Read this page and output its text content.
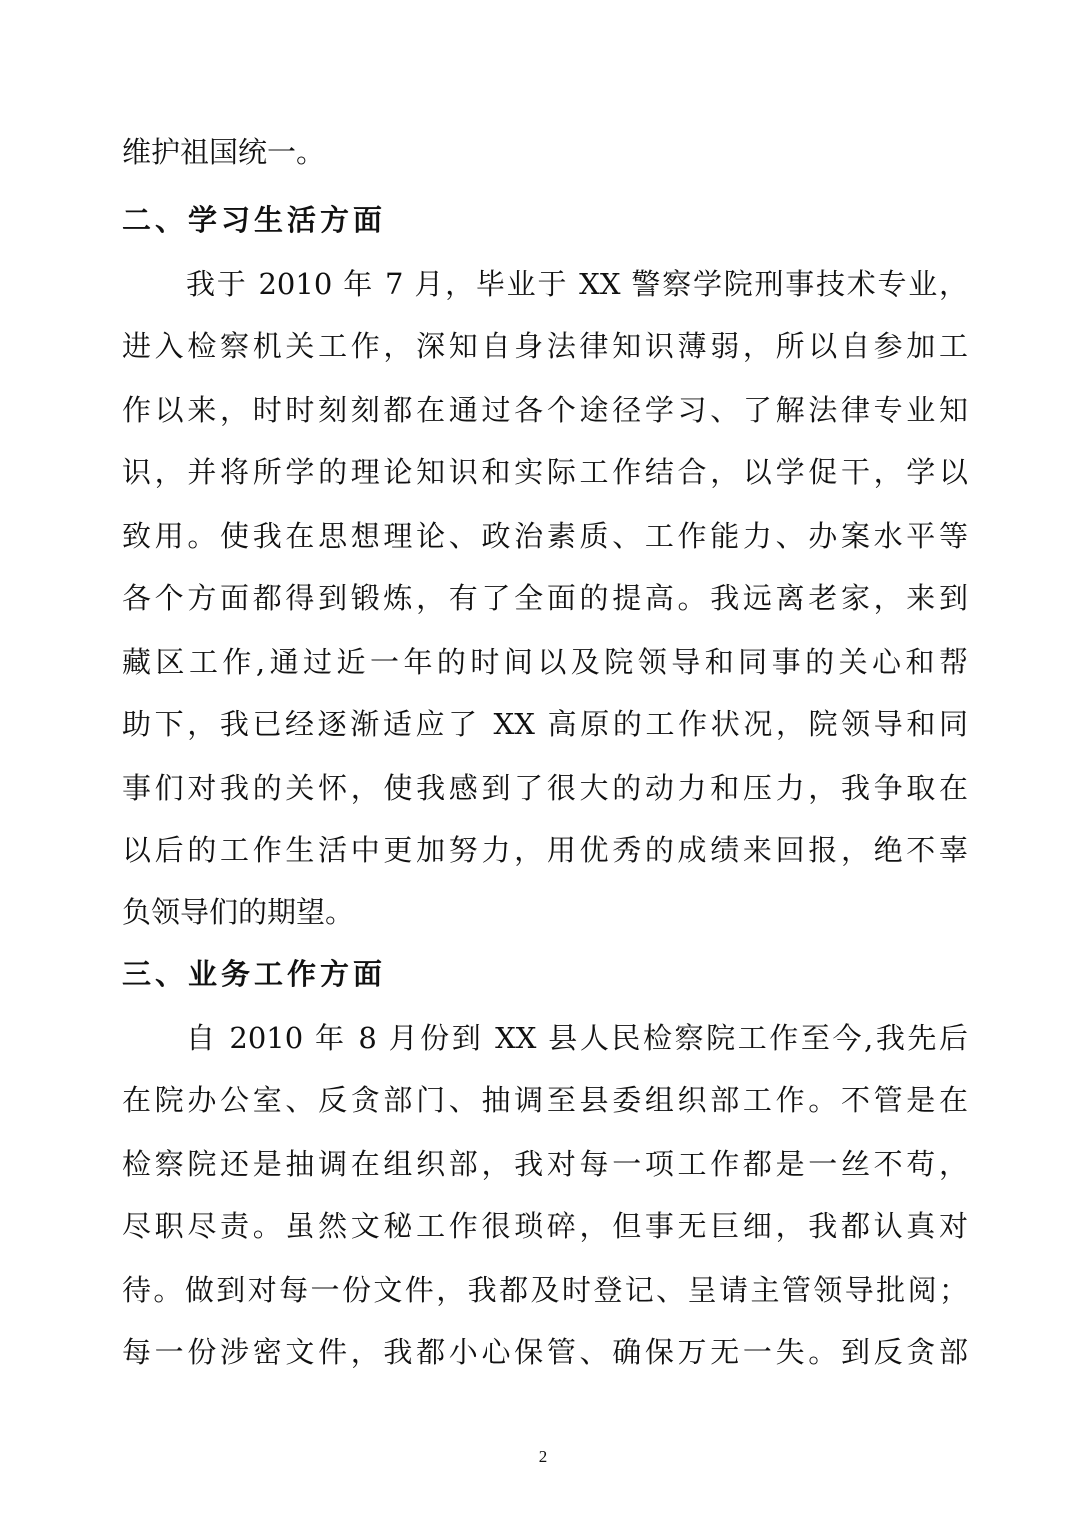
维护祖国统一。
二、学习生活方面
我于 2010 年 7 月，毕业于 XX 警察学院刑事技术专业，
进入检察机关工作，深知自身法律知识薄弱，所以自参加工
作以来，时时刻刻都在通过各个途径学习、了解法律专业知
识，并将所学的理论知识和实际工作结合，以学促干，学以
致用。使我在思想理论、政治素质、工作能力、办案水平等
各个方面都得到锻炼，有了全面的提高。我远离老家，来到
藏区工作,通过近一年的时间以及院领导和同事的关心和帮
助下，我已经逐渐适应了 XX 高原的工作状况，院领导和同
事们对我的关怀，使我感到了很大的动力和压力，我争取在
以后的工作生活中更加努力，用优秀的成绩来回报，绝不辜
负领导们的期望。
三、业务工作方面
自 2010 年 8 月份到 XX 县人民检察院工作至今,我先后
在院办公室、反贪部门、抽调至县委组织部工作。不管是在
检察院还是抽调在组织部，我对每一项工作都是一丝不苟，
尽职尽责。虽然文秘工作很琐碎，但事无巨细，我都认真对
待。做到对每一份文件，我都及时登记、呈请主管领导批阅；
每一份涉密文件，我都小心保管、确保万无一失。到反贪部
2
